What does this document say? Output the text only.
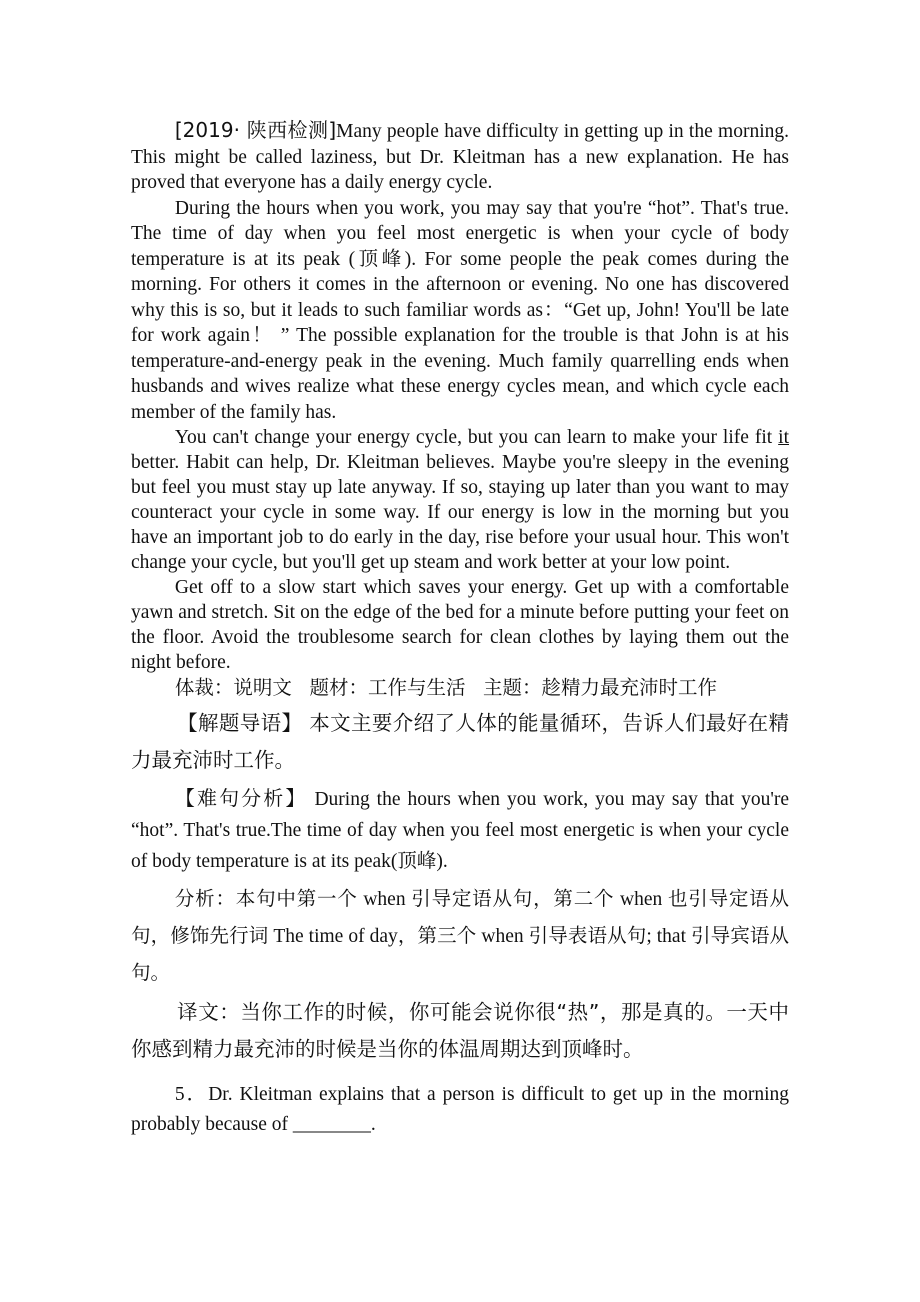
[2019· 陕西检测]Many people have difficulty in getting up in the morning. This might be called laziness, but Dr. Kleitman has a new explanation. He has proved that everyone has a daily energy cycle.

During the hours when you work, you may say that you're “hot”. That's true. The time of day when you feel most energetic is when your cycle of body temperature is at its peak (顶峰). For some people the peak comes during the morning. For others it comes in the afternoon or evening. No one has discovered why this is so, but it leads to such familiar words as：“Get up, John! You'll be late for work again！ ” The possible explanation for the trouble is that John is at his temperature-and-energy peak in the evening. Much family quarrelling ends when husbands and wives realize what these energy cycles mean, and which cycle each member of the family has.

You can't change your energy cycle, but you can learn to make your life fit it better. Habit can help, Dr. Kleitman believes. Maybe you're sleepy in the evening but feel you must stay up late anyway. If so, staying up later than you want to may counteract your cycle in some way. If our energy is low in the morning but you have an important job to do early in the day, rise before your usual hour. This won't change your cycle, but you'll get up steam and work better at your low point.

Get off to a slow start which saves your energy. Get up with a comfortable yawn and stretch. Sit on the edge of the bed for a minute before putting your feet on the floor. Avoid the troublesome search for clean clothes by laying them out the night before.

体裁：说明文 题材：工作与生活 主题：趁精力最充沛时工作

【解题导语】 本文主要介绍了人体的能量循环，告诉人们最好在精力最充沛时工作。

【难句分析】 During the hours when you work, you may say that you're “hot”. That's true.The time of day when you feel most energetic is when your cycle of body temperature is at its peak(顶峰).

分析：本句中第一个 when 引导定语从句，第二个 when 也引导定语从句，修饰先行词 The time of day，第三个 when 引导表语从句; that 引导宾语从句。

译文：当你工作的时候，你可能会说你很“热”，那是真的。一天中你感到精力最充沛的时候是当你的体温周期达到顶峰时。

5．Dr. Kleitman explains that a person is difficult to get up in the morning probably because of ________.
